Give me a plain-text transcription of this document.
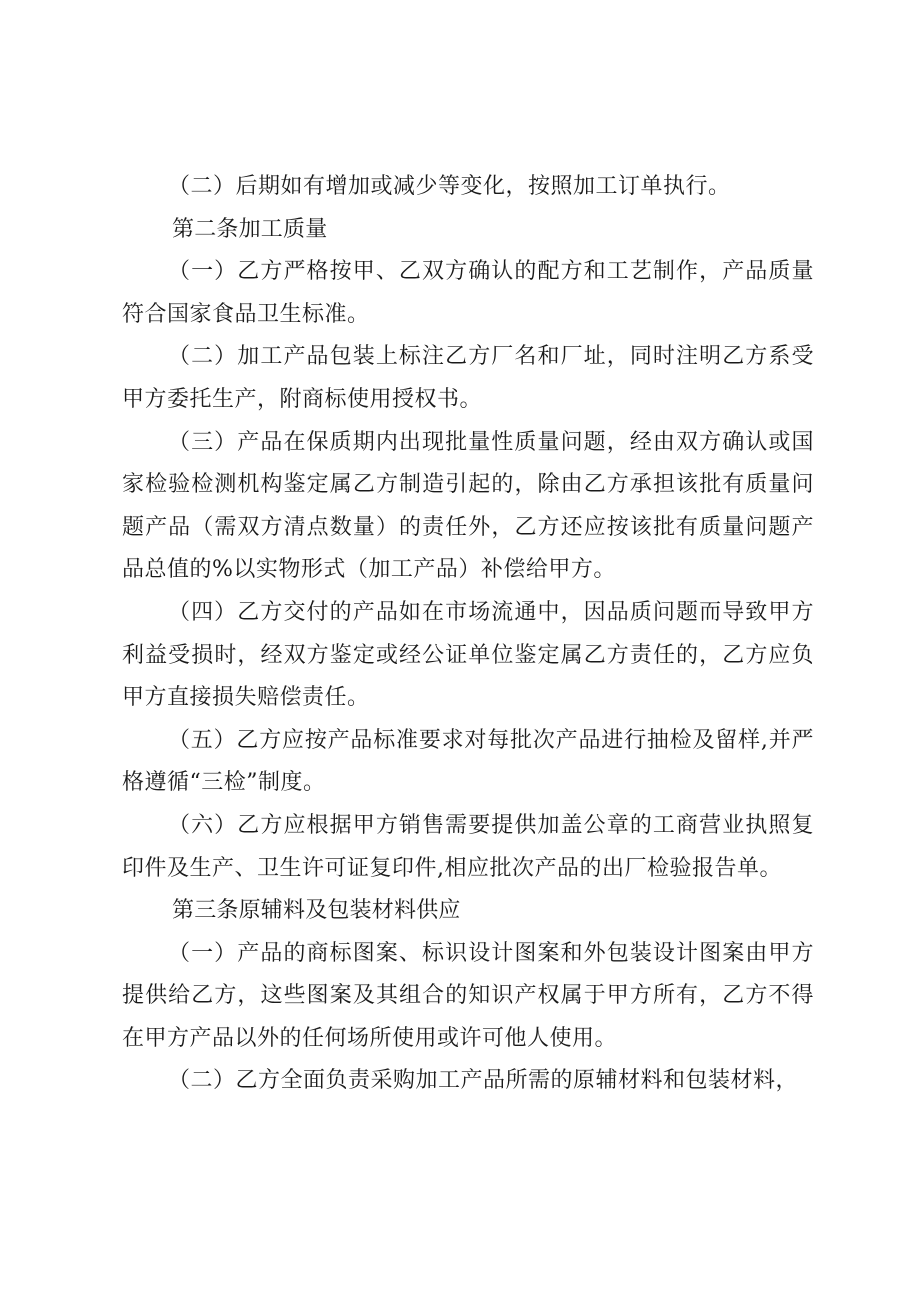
（二）后期如有增加或减少等变化，按照加工订单执行。

第二条加工质量

（一）乙方严格按甲、乙双方确认的配方和工艺制作，产品质量符合国家食品卫生标准。

（二）加工产品包装上标注乙方厂名和厂址，同时注明乙方系受甲方委托生产，附商标使用授权书。

（三）产品在保质期内出现批量性质量问题，经由双方确认或国家检验检测机构鉴定属乙方制造引起的，除由乙方承担该批有质量问题产品（需双方清点数量）的责任外，乙方还应按该批有质量问题产品总值的%以实物形式（加工产品）补偿给甲方。

（四）乙方交付的产品如在市场流通中，因品质问题而导致甲方利益受损时，经双方鉴定或经公证单位鉴定属乙方责任的，乙方应负甲方直接损失赔偿责任。

（五）乙方应按产品标准要求对每批次产品进行抽检及留样,并严格遵循“三检”制度。

（六）乙方应根据甲方销售需要提供加盖公章的工商营业执照复印件及生产、卫生许可证复印件,相应批次产品的出厂检验报告单。

第三条原辅料及包装材料供应

（一）产品的商标图案、标识设计图案和外包装设计图案由甲方提供给乙方，这些图案及其组合的知识产权属于甲方所有，乙方不得在甲方产品以外的任何场所使用或许可他人使用。

（二）乙方全面负责采购加工产品所需的原辅材料和包装材料，
